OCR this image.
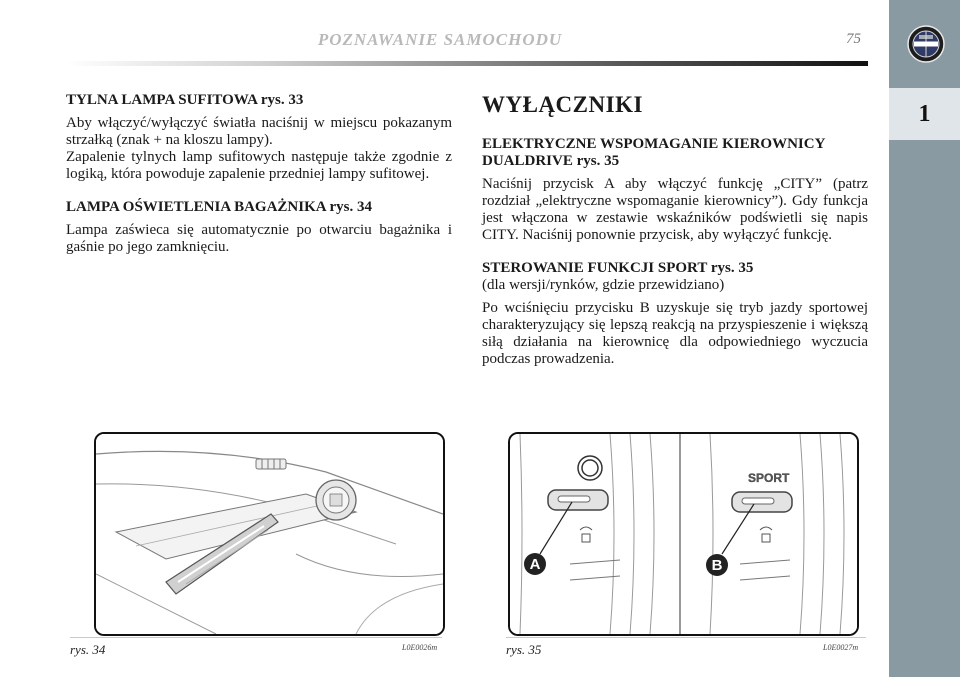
POZNAWANIE SAMOCHODU	75
1
TYLNA LAMPA SUFITOWA rys. 33

Aby włączyć/wyłączyć światła naciśnij w miejscu pokazanym strzałką (znak + na kloszu lampy).

Zapalenie tylnych lamp sufitowych następuje także zgodnie z logiką, która powoduje zapalenie przedniej lampy sufitowej.

LAMPA OŚWIETLENIA BAGAŻNIKA rys. 34

Lampa zaświeca się automatycznie po otwarciu bagażnika i gaśnie po jego zamknięciu.

WYŁĄCZNIKI
ELEKTRYCZNE WSPOMAGANIE KIEROWNICY DUALDRIVE rys. 35

Naciśnij przycisk A aby włączyć funkcję „CITY” (patrz rozdział „elektryczne wspomaganie kierownicy”). Gdy funkcja jest włączona w zestawie wskaźników podświetli się napis CITY. Naciśnij ponownie przycisk, aby wyłączyć funkcję.

STEROWANIE FUNKCJI SPORT rys. 35

(dla wersji/rynków, gdzie przewidziano)

Po wciśnięciu przycisku B uzyskuje się tryb jazdy sportowej charakteryzujący się lepszą reakcją na przyspieszenie i większą siłą działania na kierownicę dla odpowiedniego wyczucia podczas prowadzenia.

rys. 34	L0E0026m
SPORT
A	B
rys. 35	L0E0027m
